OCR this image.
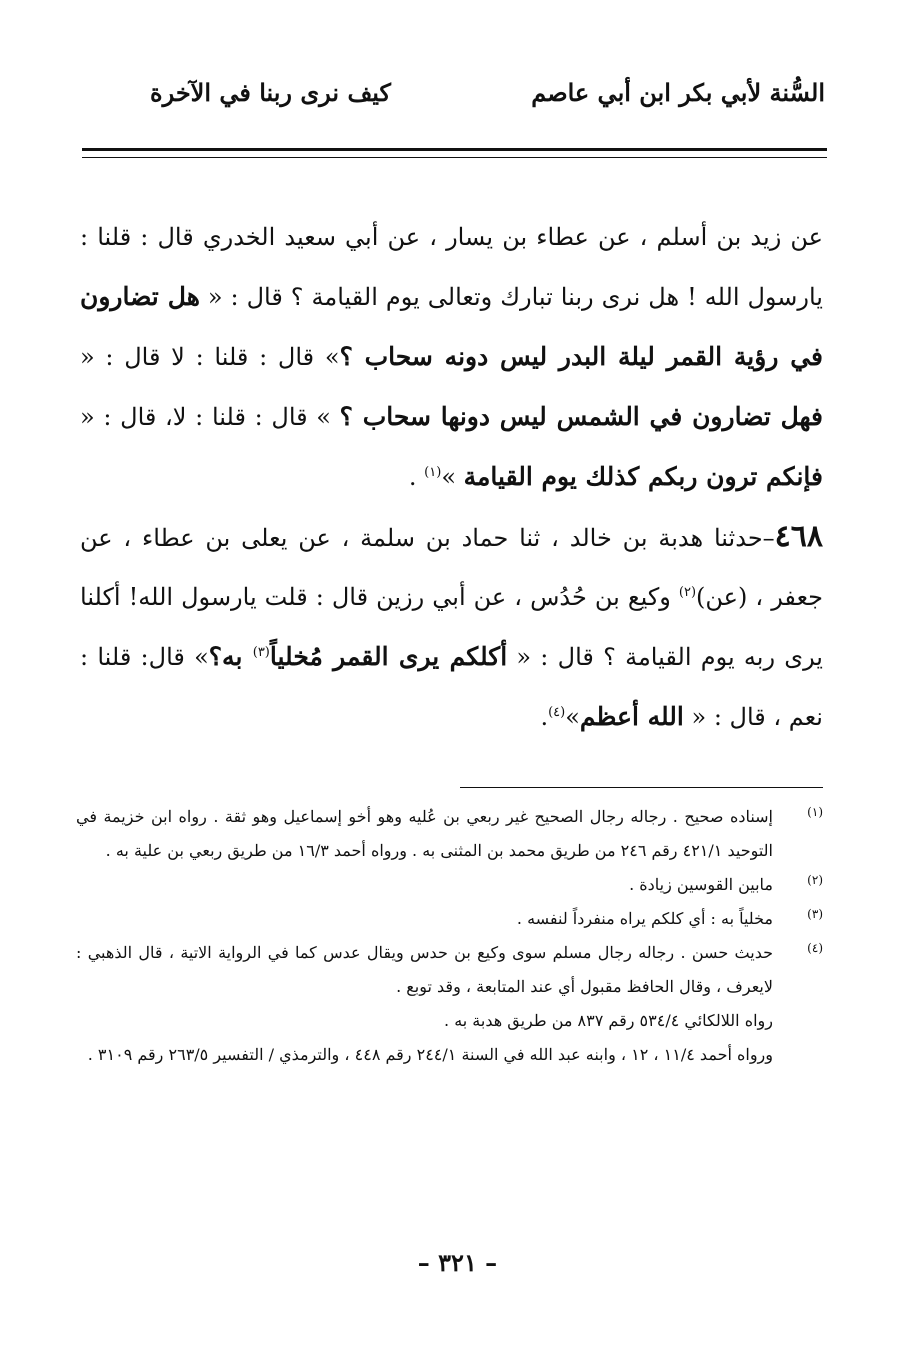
السُّنة لأبي بكر ابن أبي عاصم
كيف نرى ربنا في الآخرة

عن زيد بن أسلم ، عن عطاء بن يسار ، عن أبي سعيد الخدري قال : قلنا : يارسول الله ! هل نرى ربنا تبارك وتعالى يوم القيامة ؟ قال : « هل تضارون في رؤية القمر ليلة البدر ليس دونه سحاب ؟» قال : قلنا : لا قال : « فهل تضارون في الشمس ليس دونها سحاب ؟ » قال : قلنا : لا، قال : « فإنكم ترون ربكم كذلك يوم القيامة »$^{(١)}$ .

٤٦٨–حدثنا هدبة بن خالد ، ثنا حماد بن سلمة ، عن يعلى بن عطاء ، عن جعفر ، (عن)$^{(٢)}$ وكيع بن حُدُس ، عن أبي رزين قال : قلت يارسول الله! أكلنا يرى ربه يوم القيامة ؟ قال : « أكلكم يرى القمر مُخلياً$^{(٣)}$ به؟» قال: قلنا : نعم ، قال : « الله أعظم»$^{(٤)}$.

(١)
إسناده صحيح . رجاله رجال الصحيح غير ربعي بن عُليه وهو أخو إسماعيل وهو ثقة . رواه ابن خزيمة في التوحيد ٤٢١/١ رقم ٢٤٦ من طريق محمد بن المثنى به . ورواه أحمد ١٦/٣ من طريق ربعي بن علية به .
(٢)
مابين القوسين زيادة .
(٣)
مخلياً به : أي كلكم يراه منفرداً لنفسه .
(٤)
حديث حسن . رجاله رجال مسلم سوى وكيع بن حدس ويقال عدس كما في الرواية الاتية ، قال الذهبي : لايعرف ، وقال الحافظ مقبول أي عند المتابعة ، وقد توبع .
رواه اللالكائي ٥٣٤/٤ رقم ٨٣٧ من طريق هدبة به .
ورواه أحمد ١١/٤ ، ١٢ ، وابنه عبد الله في السنة ٢٤٤/١ رقم ٤٤٨ ، والترمذي / التفسير ٢٦٣/٥ رقم ٣١٠٩ .
– ٣٢١ –
